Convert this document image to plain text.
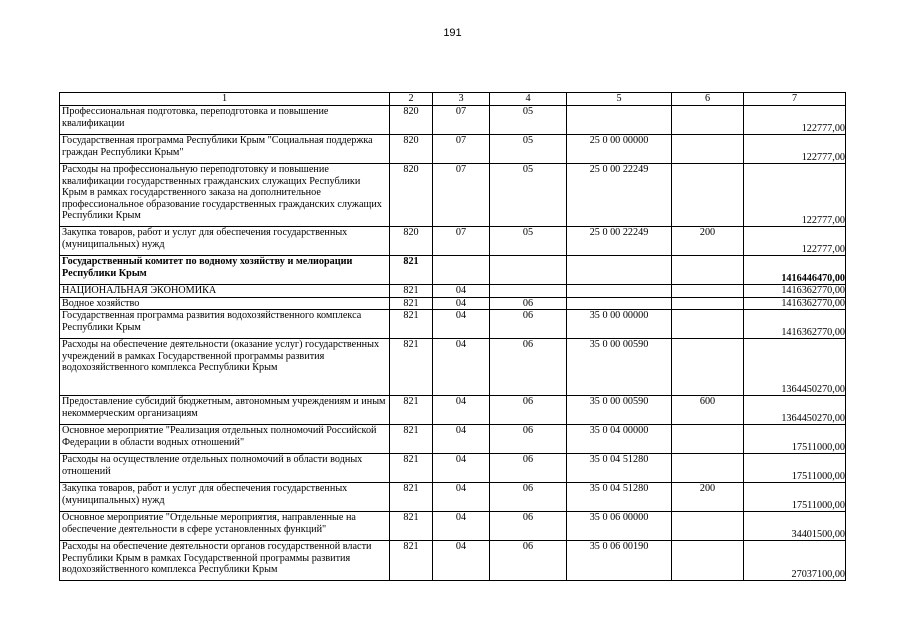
191
1	2	3	4	5	6	7
Профессиональная подготовка, переподготовка и повышение квалификации	820	07	05			122777,00
Государственная программа Республики Крым "Социальная поддержка граждан Республики Крым"	820	07	05	25 0 00 00000		122777,00
Расходы на профессиональную переподготовку и повышение квалификации государственных гражданских служащих Республики Крым в рамках государственного заказа на дополнительное профессиональное образование государственных гражданских служащих Республики Крым	820	07	05	25 0 00 22249		122777,00
Закупка товаров, работ и услуг для обеспечения государственных (муниципальных) нужд	820	07	05	25 0 00 22249	200	122777,00
Государственный комитет по водному хозяйству и мелиорации Республики Крым	821					1416446470,00
НАЦИОНАЛЬНАЯ ЭКОНОМИКА	821	04				1416362770,00
Водное хозяйство	821	04	06			1416362770,00
Государственная программа развития водохозяйственного комплекса Республики Крым	821	04	06	35 0 00 00000		1416362770,00
Расходы на обеспечение деятельности (оказание услуг) государственных учреждений в рамках Государственной программы развития водохозяйственного комплекса Республики Крым	821	04	06	35 0 00 00590		1364450270,00
Предоставление субсидий бюджетным, автономным учреждениям и иным некоммерческим организациям	821	04	06	35 0 00 00590	600	1364450270,00
Основное мероприятие "Реализация отдельных полномочий Российской Федерации в области водных отношений"	821	04	06	35 0 04 00000		17511000,00
Расходы на осуществление отдельных полномочий в области водных отношений	821	04	06	35 0 04 51280		17511000,00
Закупка товаров, работ и услуг для обеспечения государственных (муниципальных) нужд	821	04	06	35 0 04 51280	200	17511000,00
Основное мероприятие "Отдельные мероприятия, направленные на обеспечение деятельности в сфере установленных функций"	821	04	06	35 0 06 00000		34401500,00
Расходы на обеспечение деятельности органов государственной власти Республики Крым в рамках Государственной программы развития водохозяйственного комплекса Республики Крым	821	04	06	35 0 06 00190		27037100,00
